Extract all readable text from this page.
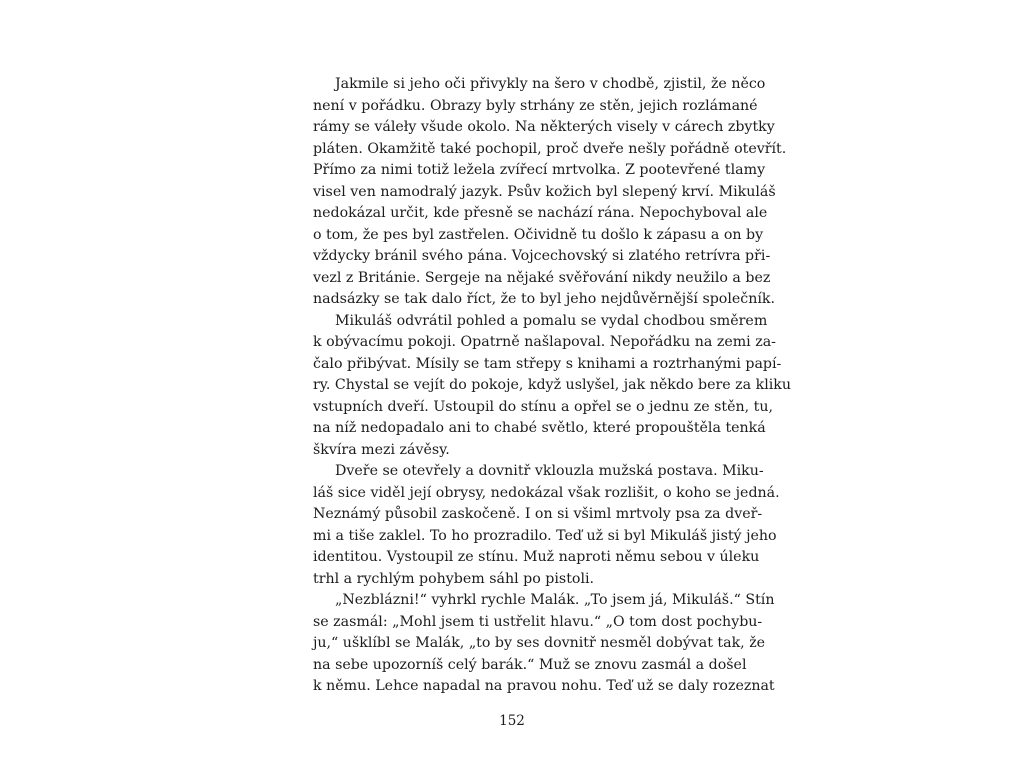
Jakmile si jeho oči přivykly na šero v chodbě, zjistil, že něco
není v pořádku. Obrazy byly strhány ze stěn, jejich rozlámané
rámy se váleły všude okolo. Na některých visely v cárech zbytky
pláten. Okamžitě také pochopil, proč dveře nešly pořádně otevřít.
Přímo za nimi totiž ležela zvířecí mrtvolka. Z pootevřené tlamy
visel ven namodralý jazyk. Psův kožich byl slepený krví. Mikuláš
nedokázal určit, kde přesně se nachází rána. Nepochyboval ale
o tom, že pes byl zastřelen. Očividně tu došlo k zápasu a on by
vždycky bránil svého pána. Vojcechovský si zlatého retrívra při-
vezl z Británie. Sergeje na nějaké svěřování nikdy neužilo a bez
nadsázky se tak dalo říct, že to byl jeho nejdůvěrnější společník.
Mikuláš odvrátil pohled a pomalu se vydal chodbou směrem
k obývacímu pokoji. Opatrně našlapoval. Nepořádku na zemi za-
čalo přibývat. Mísily se tam střepy s knihami a roztrhanými papí-
ry. Chystal se vejít do pokoje, když uslyšel, jak někdo bere za kliku
vstupních dveří. Ustoupil do stínu a opřel se o jednu ze stěn, tu,
na níž nedopadalo ani to chabé světlo, které propouštěla tenká
škvíra mezi závěsy.
Dveře se otevřely a dovnitř vklouzla mužská postava. Miku-
láš sice viděl její obrysy, nedokázal však rozlišit, o koho se jedná.
Neznámý působil zaskočeně. I on si všiml mrtvoly psa za dveř-
mi a tiše zaklel. To ho prozradilo. Teď už si byl Mikuláš jistý jeho
identitou. Vystoupil ze stínu. Muž naproti němu sebou v úleku
trhl a rychlým pohybem sáhl po pistoli.
„Nezblázni!“ vyhrkl rychle Malák. „To jsem já, Mikuláš.“ Stín
se zasmál: „Mohl jsem ti ustřelit hlavu.“ „O tom dost pochybu-
ju,“ ušklíbl se Malák, „to by ses dovnitř nesměl dobývat tak, že
na sebe upozorníš celý barák.“ Muž se znovu zasmál a došel
k němu. Lehce napadal na pravou nohu. Teď už se daly rozeznat
152
